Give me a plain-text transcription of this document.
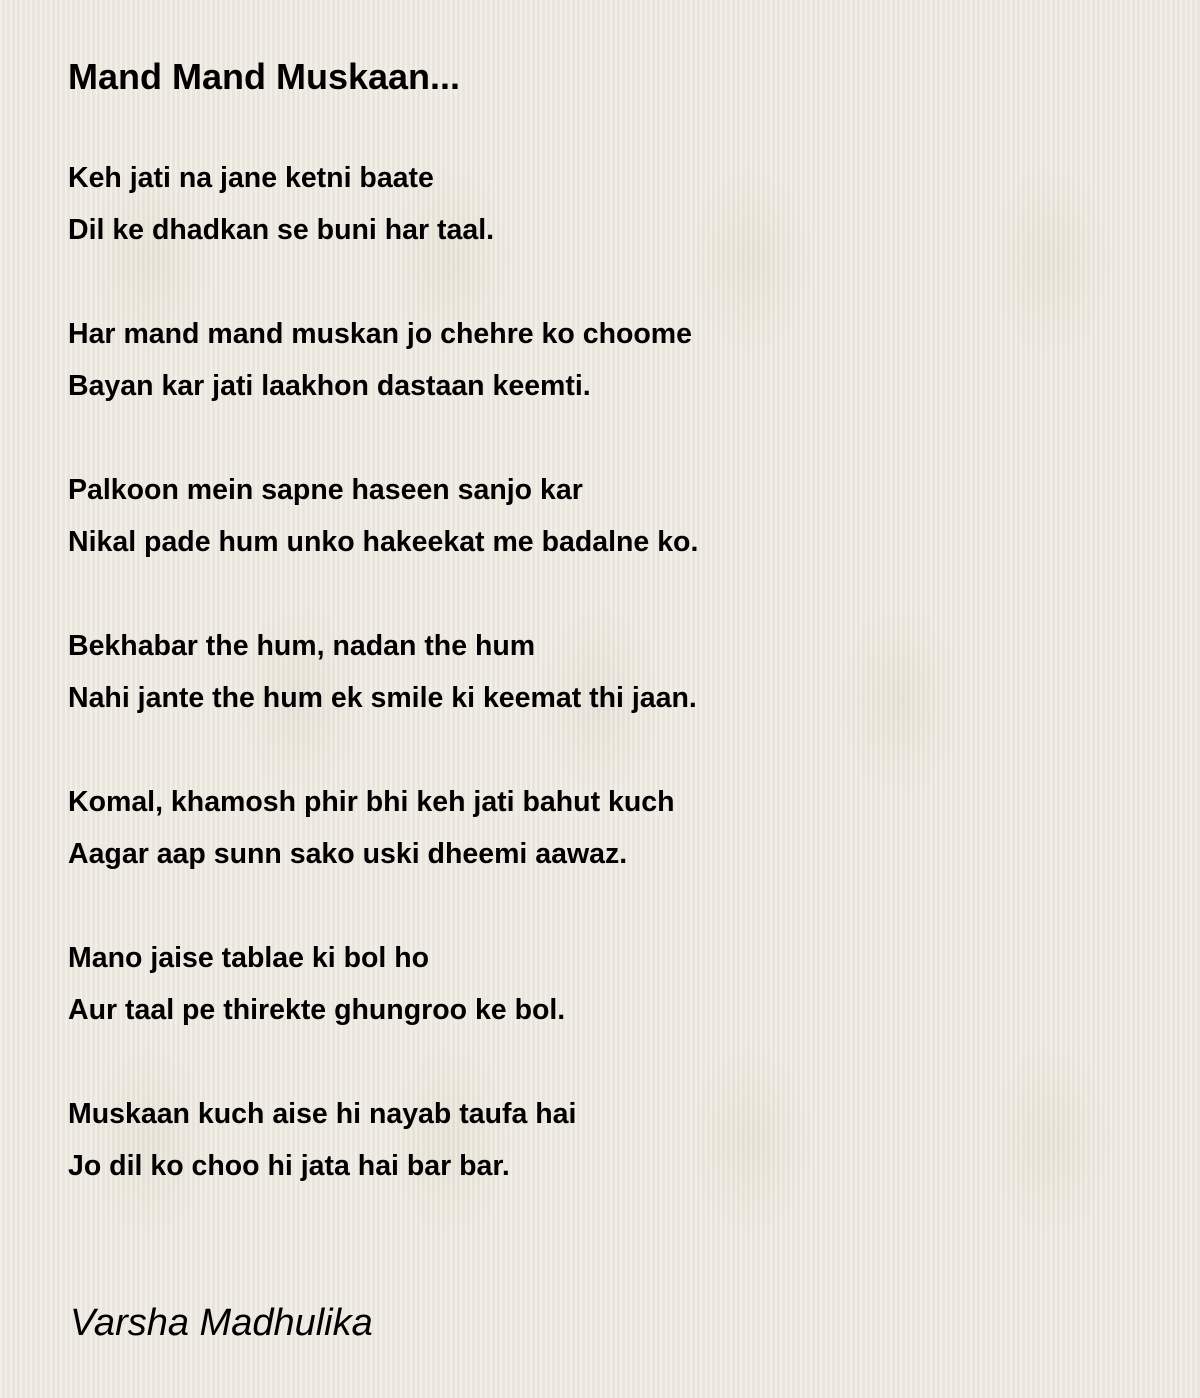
Mand Mand Muskaan...
Keh jati na jane ketni baate
Dil ke dhadkan se buni har taal.
Har mand mand muskan jo chehre ko choome
Bayan kar jati laakhon dastaan keemti.
Palkoon mein sapne haseen sanjo kar
Nikal pade hum unko hakeekat me badalne ko.
Bekhabar the hum, nadan the hum
Nahi jante the hum ek smile ki keemat thi jaan.
Komal, khamosh phir bhi keh jati bahut kuch
Aagar aap sunn sako uski dheemi aawaz.
Mano jaise tablae ki bol ho
Aur taal pe thirekte ghungroo ke bol.
Muskaan kuch aise hi nayab taufa hai
Jo dil ko choo hi jata hai bar bar.
Varsha Madhulika
